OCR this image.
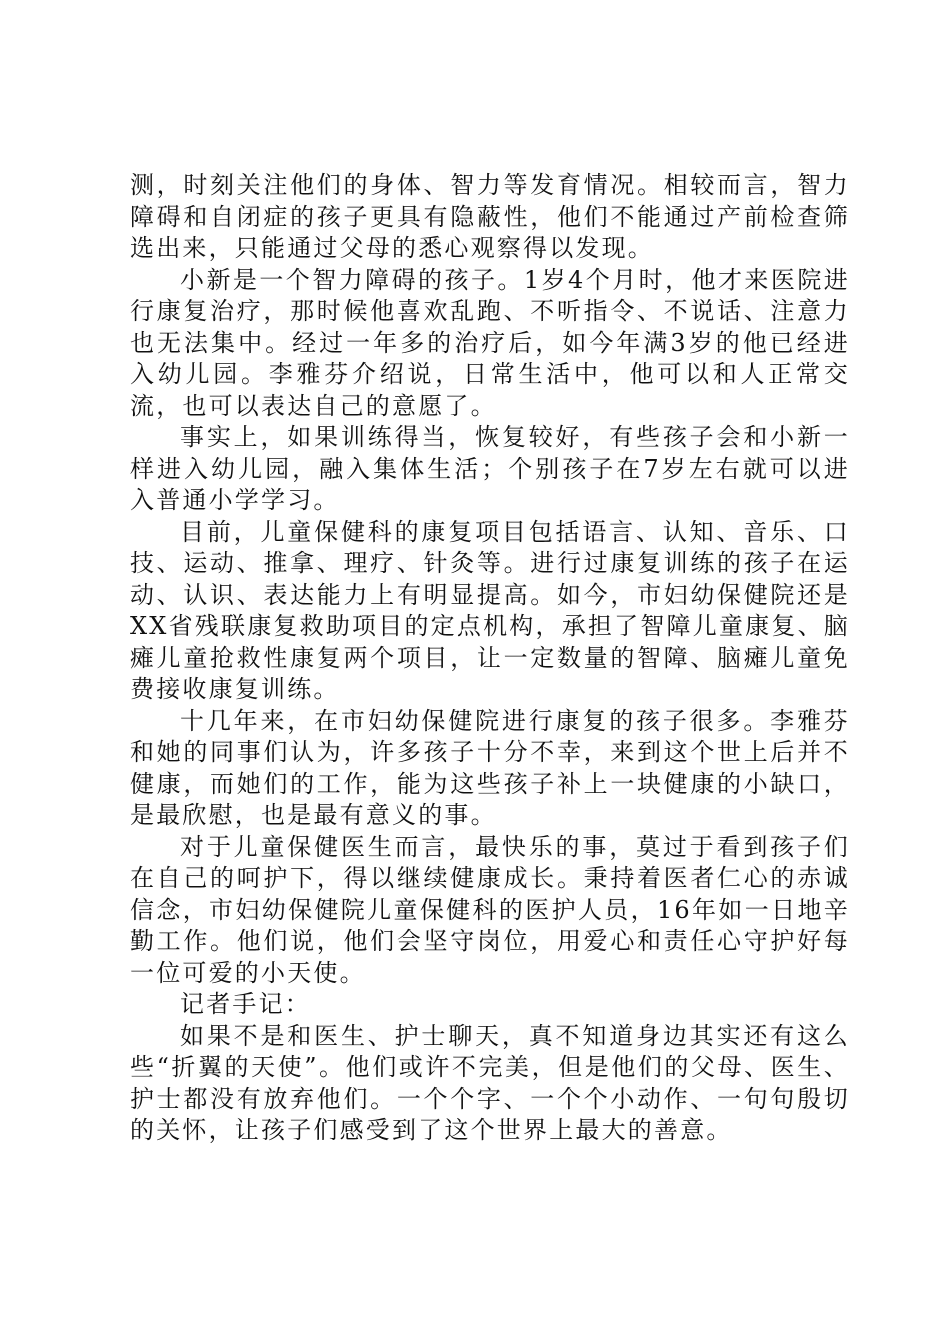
测，时刻关注他们的身体、智力等发育情况。相较而言，智力障碍和自闭症的孩子更具有隐蔽性，他们不能通过产前检查筛选出来，只能通过父母的悉心观察得以发现。

小新是一个智力障碍的孩子。1岁4个月时，他才来医院进行康复治疗，那时候他喜欢乱跑、不听指令、不说话、注意力也无法集中。经过一年多的治疗后，如今年满3岁的他已经进入幼儿园。李雅芬介绍说，日常生活中，他可以和人正常交流，也可以表达自己的意愿了。

事实上，如果训练得当，恢复较好，有些孩子会和小新一样进入幼儿园，融入集体生活；个别孩子在7岁左右就可以进入普通小学学习。

目前，儿童保健科的康复项目包括语言、认知、音乐、口技、运动、推拿、理疗、针灸等。进行过康复训练的孩子在运动、认识、表达能力上有明显提高。如今，市妇幼保健院还是XX省残联康复救助项目的定点机构，承担了智障儿童康复、脑瘫儿童抢救性康复两个项目，让一定数量的智障、脑瘫儿童免费接收康复训练。

十几年来，在市妇幼保健院进行康复的孩子很多。李雅芬和她的同事们认为，许多孩子十分不幸，来到这个世上后并不健康，而她们的工作，能为这些孩子补上一块健康的小缺口，是最欣慰，也是最有意义的事。

对于儿童保健医生而言，最快乐的事，莫过于看到孩子们在自己的呵护下，得以继续健康成长。秉持着医者仁心的赤诚信念，市妇幼保健院儿童保健科的医护人员，16年如一日地辛勤工作。他们说，他们会坚守岗位，用爱心和责任心守护好每一位可爱的小天使。

记者手记：

如果不是和医生、护士聊天，真不知道身边其实还有这么些“折翼的天使”。他们或许不完美，但是他们的父母、医生、护士都没有放弃他们。一个个字、一个个小动作、一句句殷切的关怀，让孩子们感受到了这个世界上最大的善意。
